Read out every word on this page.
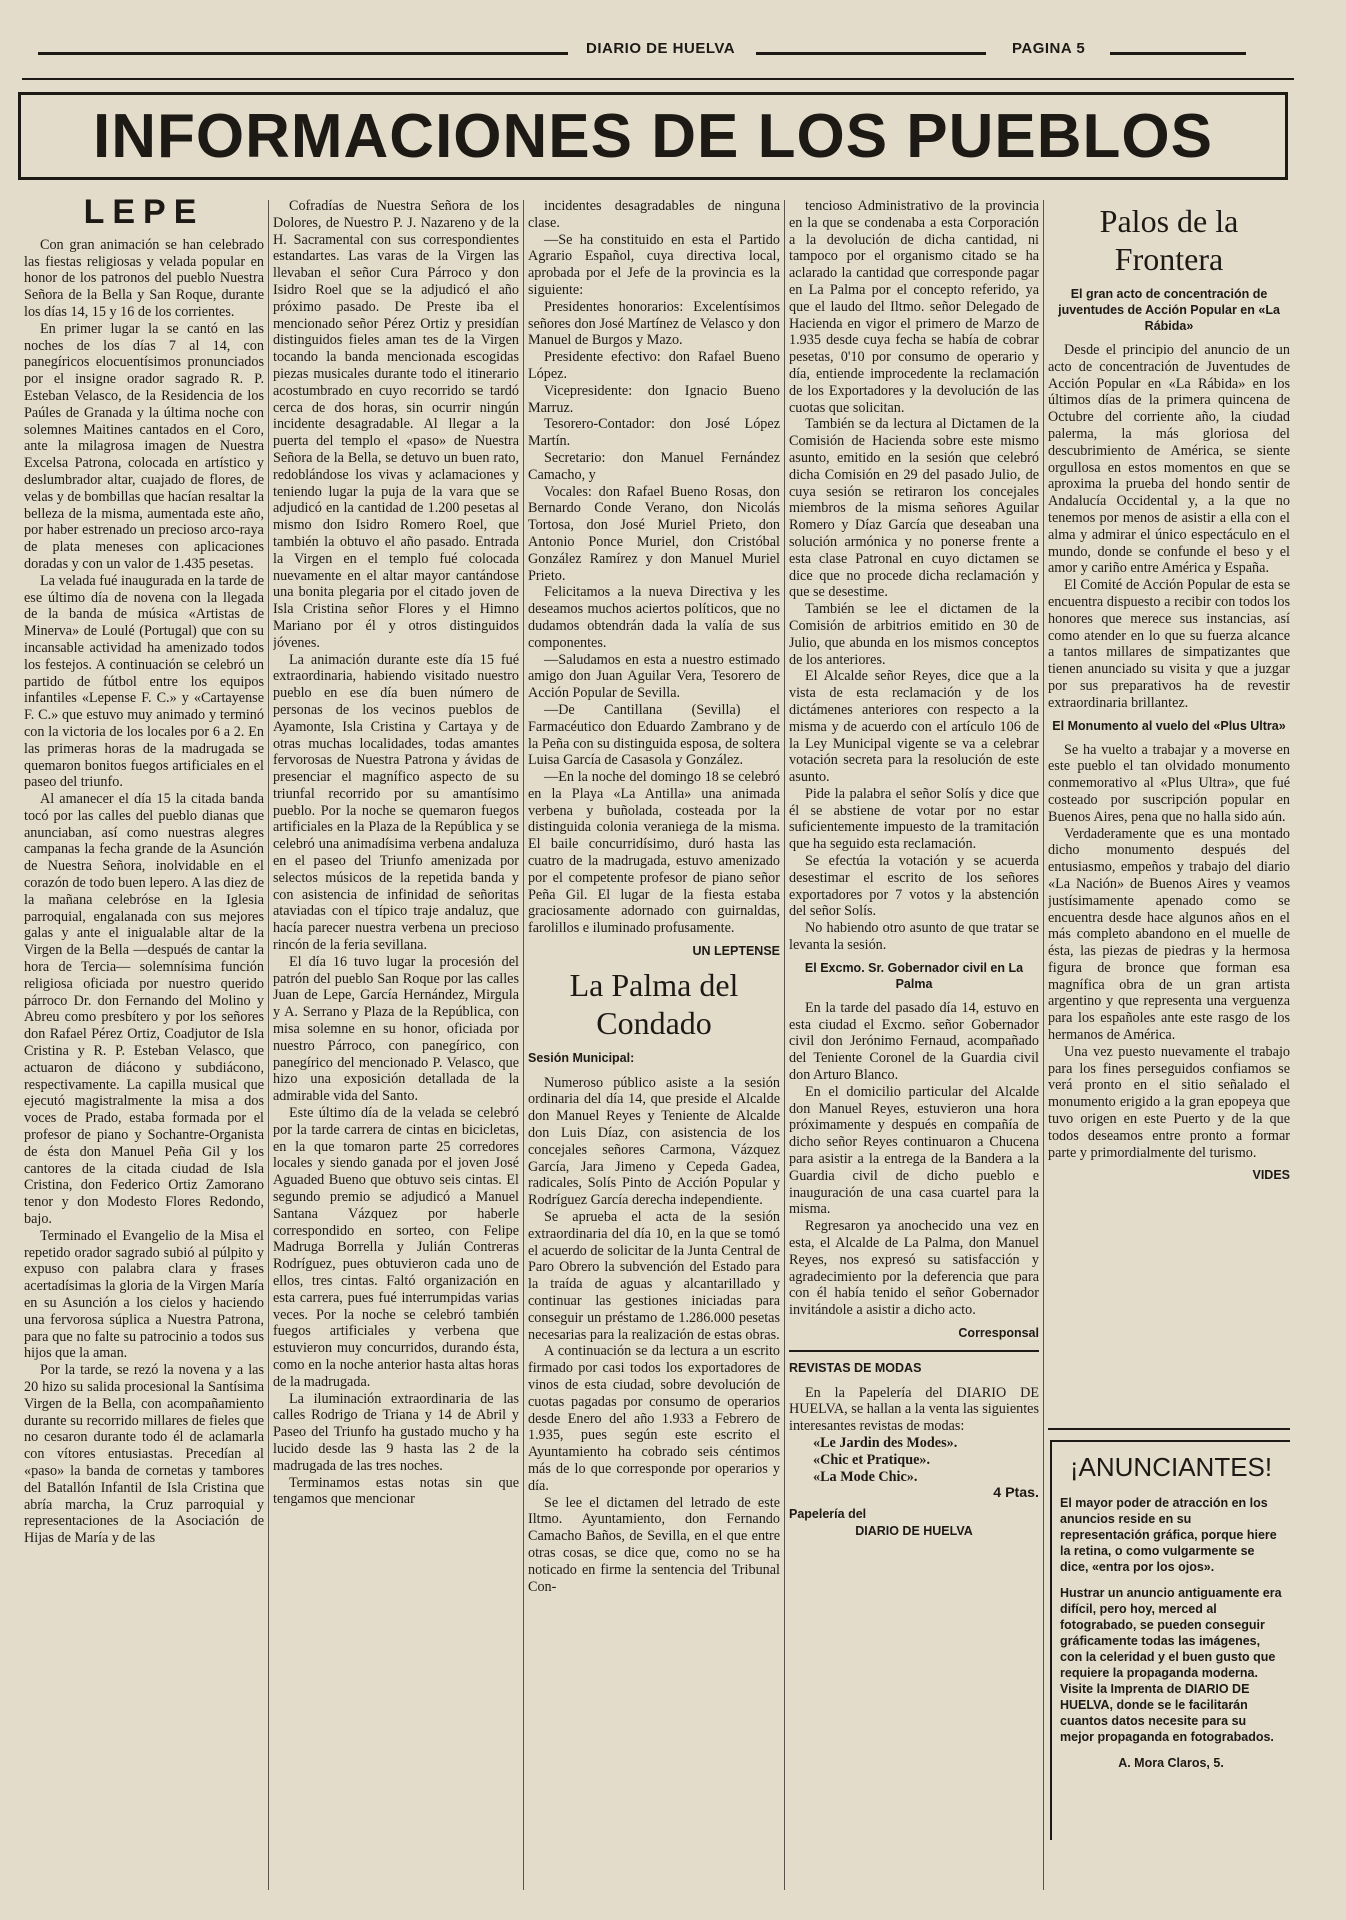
DIARIO DE HUELVA	PAGINA 5
INFORMACIONES DE LOS PUEBLOS
LEPE

Con gran animación se han celebrado las fiestas religiosas y velada popular en honor de los patronos del pueblo Nuestra Señora de la Bella y San Roque, durante los días 14, 15 y 16 de los corrientes.

En primer lugar la se cantó en las noches de los días 7 al 14, con panegíricos elocuentísimos pronunciados por el insigne orador sagrado R. P. Esteban Velasco, de la Residencia de los Paúles de Granada y la última noche con solemnes Maitines cantados en el Coro, ante la milagrosa imagen de Nuestra Excelsa Patrona, colocada en artístico y deslumbrador altar, cuajado de flores, de velas y de bombillas que hacían resaltar la belleza de la misma, aumentada este año, por haber estrenado un precioso arco-raya de plata meneses con aplicaciones doradas y con un valor de 1.435 pesetas.

La velada fué inaugurada en la tarde de ese último día de novena con la llegada de la banda de música «Artistas de Minerva» de Loulé (Portugal) que con su incansable actividad ha amenizado todos los festejos. A continuación se celebró un partido de fútbol entre los equipos infantiles «Lepense F. C.» y «Cartayense F. C.» que estuvo muy animado y terminó con la victoria de los locales por 6 a 2. En las primeras horas de la madrugada se quemaron bonitos fuegos artificiales en el paseo del triunfo.

Al amanecer el día 15 la citada banda tocó por las calles del pueblo dianas que anunciaban, así como nuestras alegres campanas la fecha grande de la Asunción de Nuestra Señora, inolvidable en el corazón de todo buen lepero. A las diez de la mañana celebróse en la Iglesia parroquial, engalanada con sus mejores galas y ante el inigualable altar de la Virgen de la Bella —después de cantar la hora de Tercia— solemnísima función religiosa oficiada por nuestro querido párroco Dr. don Fernando del Molino y Abreu como presbítero y por los señores don Rafael Pérez Ortiz, Coadjutor de Isla Cristina y R. P. Esteban Velasco, que actuaron de diácono y subdiácono, respectivamente. La capilla musical que ejecutó magistralmente la misa a dos voces de Prado, estaba formada por el profesor de piano y Sochantre-Organista de ésta don Manuel Peña Gil y los cantores de la citada ciudad de Isla Cristina, don Federico Ortiz Zamorano tenor y don Modesto Flores Redondo, bajo.

Terminado el Evangelio de la Misa el repetido orador sagrado subió al púlpito y expuso con palabra clara y frases acertadísimas la gloria de la Virgen María en su Asunción a los cielos y haciendo una fervorosa súplica a Nuestra Patrona, para que no falte su patrocinio a todos sus hijos que la aman.

Por la tarde, se rezó la novena y a las 20 hizo su salida procesional la Santísima Virgen de la Bella, con acompañamiento durante su recorrido millares de fieles que no cesaron durante todo él de aclamarla con vítores entusiastas. Precedían al «paso» la banda de cornetas y tambores del Batallón Infantil de Isla Cristina que abría marcha, la Cruz parroquial y representaciones de la Asociación de Hijas de María y de las

Cofradías de Nuestra Señora de los Dolores, de Nuestro P. J. Nazareno y de la H. Sacramental con sus correspondientes estandartes. Las varas de la Virgen las llevaban el señor Cura Párroco y don Isidro Roel que se la adjudicó el año próximo pasado. De Preste iba el mencionado señor Pérez Ortiz y presidían distinguidos fieles aman tes de la Virgen tocando la banda mencionada escogidas piezas musicales durante todo el itinerario acostumbrado en cuyo recorrido se tardó cerca de dos horas, sin ocurrir ningún incidente desagradable. Al llegar a la puerta del templo el «paso» de Nuestra Señora de la Bella, se detuvo un buen rato, redoblándose los vivas y aclamaciones y teniendo lugar la puja de la vara que se adjudicó en la cantidad de 1.200 pesetas al mismo don Isidro Romero Roel, que también la obtuvo el año pasado. Entrada la Virgen en el templo fué colocada nuevamente en el altar mayor cantándose una bonita plegaria por el citado joven de Isla Cristina señor Flores y el Himno Mariano por él y otros distinguidos jóvenes.

La animación durante este día 15 fué extraordinaria, habiendo visitado nuestro pueblo en ese día buen número de personas de los vecinos pueblos de Ayamonte, Isla Cristina y Cartaya y de otras muchas localidades, todas amantes fervorosas de Nuestra Patrona y ávidas de presenciar el magnífico aspecto de su triunfal recorrido por su amantísimo pueblo. Por la noche se quemaron fuegos artificiales en la Plaza de la República y se celebró una animadísima verbena andaluza en el paseo del Triunfo amenizada por selectos músicos de la repetida banda y con asistencia de infinidad de señoritas ataviadas con el típico traje andaluz, que hacía parecer nuestra verbena un precioso rincón de la feria sevillana.

El día 16 tuvo lugar la procesión del patrón del pueblo San Roque por las calles Juan de Lepe, García Hernández, Mirgula y A. Serrano y Plaza de la República, con misa solemne en su honor, oficiada por nuestro Párroco, con panegírico, con panegírico del mencionado P. Velasco, que hizo una exposición detallada de la admirable vida del Santo.

Este último día de la velada se celebró por la tarde carrera de cintas en bicicletas, en la que tomaron parte 25 corredores locales y siendo ganada por el joven José Aguaded Bueno que obtuvo seis cintas. El segundo premio se adjudicó a Manuel Santana Vázquez por haberle correspondido en sorteo, con Felipe Madruga Borrella y Julián Contreras Rodríguez, pues obtuvieron cada uno de ellos, tres cintas. Faltó organización en esta carrera, pues fué interrumpidas varias veces. Por la noche se celebró también fuegos artificiales y verbena que estuvieron muy concurridos, durando ésta, como en la noche anterior hasta altas horas de la madrugada.

La iluminación extraordinaria de las calles Rodrigo de Triana y 14 de Abril y Paseo del Triunfo ha gustado mucho y ha lucido desde las 9 hasta las 2 de la madrugada de las tres noches.

Terminamos estas notas sin que tengamos que mencionar

incidentes desagradables de ninguna clase.

—Se ha constituido en esta el Partido Agrario Español, cuya directiva local, aprobada por el Jefe de la provincia es la siguiente:

Presidentes honorarios: Excelentísimos señores don José Martínez de Velasco y don Manuel de Burgos y Mazo.

Presidente efectivo: don Rafael Bueno López.

Vicepresidente: don Ignacio Bueno Marruz.

Tesorero-Contador: don José López Martín.

Secretario: don Manuel Fernández Camacho, y

Vocales: don Rafael Bueno Rosas, don Bernardo Conde Verano, don Nicolás Tortosa, don José Muriel Prieto, don Antonio Ponce Muriel, don Cristóbal González Ramírez y don Manuel Muriel Prieto.

Felicitamos a la nueva Directiva y les deseamos muchos aciertos políticos, que no dudamos obtendrán dada la valía de sus componentes.

—Saludamos en esta a nuestro estimado amigo don Juan Aguilar Vera, Tesorero de Acción Popular de Sevilla.

—De Cantillana (Sevilla) el Farmacéutico don Eduardo Zambrano y de la Peña con su distinguida esposa, de soltera Luisa García de Casasola y González.

—En la noche del domingo 18 se celebró en la Playa «La Antilla» una animada verbena y buñolada, costeada por la distinguida colonia veraniega de la misma. El baile concurridísimo, duró hasta las cuatro de la madrugada, estuvo amenizado por el competente profesor de piano señor Peña Gil. El lugar de la fiesta estaba graciosamente adornado con guirnaldas, farolillos e iluminado profusamente.

UN LEPTENSE
La Palma del Condado
Sesión Municipal:

Numeroso público asiste a la sesión ordinaria del día 14, que preside el Alcalde don Manuel Reyes y Teniente de Alcalde don Luis Díaz, con asistencia de los concejales señores Carmona, Vázquez García, Jara Jimeno y Cepeda Gadea, radicales, Solís Pinto de Acción Popular y Rodríguez García derecha independiente.

Se aprueba el acta de la sesión extraordinaria del día 10, en la que se tomó el acuerdo de solicitar de la Junta Central de Paro Obrero la subvención del Estado para la traída de aguas y alcantarillado y continuar las gestiones iniciadas para conseguir un préstamo de 1.286.000 pesetas necesarias para la realización de estas obras.

A continuación se da lectura a un escrito firmado por casi todos los exportadores de vinos de esta ciudad, sobre devolución de cuotas pagadas por consumo de operarios desde Enero del año 1.933 a Febrero de 1.935, pues según este escrito el Ayuntamiento ha cobrado seis céntimos más de lo que corresponde por operarios y día.

Se lee el dictamen del letrado de este Iltmo. Ayuntamiento, don Fernando Camacho Baños, de Sevilla, en el que entre otras cosas, se dice que, como no se ha noticado en firme la sentencia del Tribunal Con-

tencioso Administrativo de la provincia en la que se condenaba a esta Corporación a la devolución de dicha cantidad, ni tampoco por el organismo citado se ha aclarado la cantidad que corresponde pagar en La Palma por el concepto referido, ya que el laudo del Iltmo. señor Delegado de Hacienda en vigor el primero de Marzo de 1.935 desde cuya fecha se había de cobrar pesetas, 0'10 por consumo de operario y día, entiende improcedente la reclamación de los Exportadores y la devolución de las cuotas que solicitan.

También se da lectura al Dictamen de la Comisión de Hacienda sobre este mismo asunto, emitido en la sesión que celebró dicha Comisión en 29 del pasado Julio, de cuya sesión se retiraron los concejales miembros de la misma señores Aguilar Romero y Díaz García que deseaban una solución armónica y no ponerse frente a esta clase Patronal en cuyo dictamen se dice que no procede dicha reclamación y que se desestime.

También se lee el dictamen de la Comisión de arbitrios emitido en 30 de Julio, que abunda en los mismos conceptos de los anteriores.

El Alcalde señor Reyes, dice que a la vista de esta reclamación y de los dictámenes anteriores con respecto a la misma y de acuerdo con el artículo 106 de la Ley Municipal vigente se va a celebrar votación secreta para la resolución de este asunto.

Pide la palabra el señor Solís y dice que él se abstiene de votar por no estar suficientemente impuesto de la tramitación que ha seguido esta reclamación.

Se efectúa la votación y se acuerda desestimar el escrito de los señores exportadores por 7 votos y la abstención del señor Solís.

No habiendo otro asunto de que tratar se levanta la sesión.

El Excmo. Sr. Gobernador civil en La Palma

En la tarde del pasado día 14, estuvo en esta ciudad el Excmo. señor Gobernador civil don Jerónimo Fernaud, acompañado del Teniente Coronel de la Guardia civil don Arturo Blanco.

En el domicilio particular del Alcalde don Manuel Reyes, estuvieron una hora próximamente y después en compañía de dicho señor Reyes continuaron a Chucena para asistir a la entrega de la Bandera a la Guardia civil de dicho pueblo e inauguración de una casa cuartel para la misma.

Regresaron ya anochecido una vez en esta, el Alcalde de La Palma, don Manuel Reyes, nos expresó su satisfacción y agradecimiento por la deferencia que para con él había tenido el señor Gobernador invitándole a asistir a dicho acto.

Corresponsal
REVISTAS DE MODAS

En la Papelería del DIARIO DE HUELVA, se hallan a la venta las siguientes interesantes revistas de modas:

«Le Jardin des Modes».
«Chic et Pratique».
«La Mode Chic».
4 Ptas.
Papelería del
DIARIO DE HUELVA
Palos de la Frontera
El gran acto de concentración de juventudes de Acción Popular en «La Rábida»

Desde el principio del anuncio de un acto de concentración de Juventudes de Acción Popular en «La Rábida» en los últimos días de la primera quincena de Octubre del corriente año, la ciudad palerma, la más gloriosa del descubrimiento de América, se siente orgullosa en estos momentos en que se aproxima la prueba del hondo sentir de Andalucía Occidental y, a la que no tenemos por menos de asistir a ella con el alma y admirar el único espectáculo en el mundo, donde se confunde el beso y el amor y cariño entre América y España.

El Comité de Acción Popular de esta se encuentra dispuesto a recibir con todos los honores que merece sus instancias, así como atender en lo que su fuerza alcance a tantos millares de simpatizantes que tienen anunciado su visita y que a juzgar por sus preparativos ha de revestir extraordinaria brillantez.

El Monumento al vuelo del «Plus Ultra»

Se ha vuelto a trabajar y a moverse en este pueblo el tan olvidado monumento conmemorativo al «Plus Ultra», que fué costeado por suscripción popular en Buenos Aires, pena que no halla sido aún.

Verdaderamente que es una montado dicho monumento después del entusiasmo, empeños y trabajo del diario «La Nación» de Buenos Aires y veamos justísimamente apenado como se encuentra desde hace algunos años en el más completo abandono en el muelle de ésta, las piezas de piedras y la hermosa figura de bronce que forman esa magnífica obra de un gran artista argentino y que representa una verguenza para los españoles ante este rasgo de los hermanos de América.

Una vez puesto nuevamente el trabajo para los fines perseguidos confiamos se verá pronto en el sitio señalado el monumento erigido a la gran epopeya que tuvo origen en este Puerto y de la que todos deseamos entre pronto a formar parte y primordialmente del turismo.

VIDES
¡ANUNCIANTES!

El mayor poder de atracción en los anuncios reside en su representación gráfica, porque hiere la retina, o como vulgarmente se dice, «entra por los ojos».

Hustrar un anuncio antiguamente era difícil, pero hoy, merced al fotograbado, se pueden conseguir gráficamente todas las imágenes, con la celeridad y el buen gusto que requiere la propaganda moderna. Visite la Imprenta de DIARIO DE HUELVA, donde se le facilitarán cuantos datos necesite para su mejor propaganda en fotograbados.

A. Mora Claros, 5.
